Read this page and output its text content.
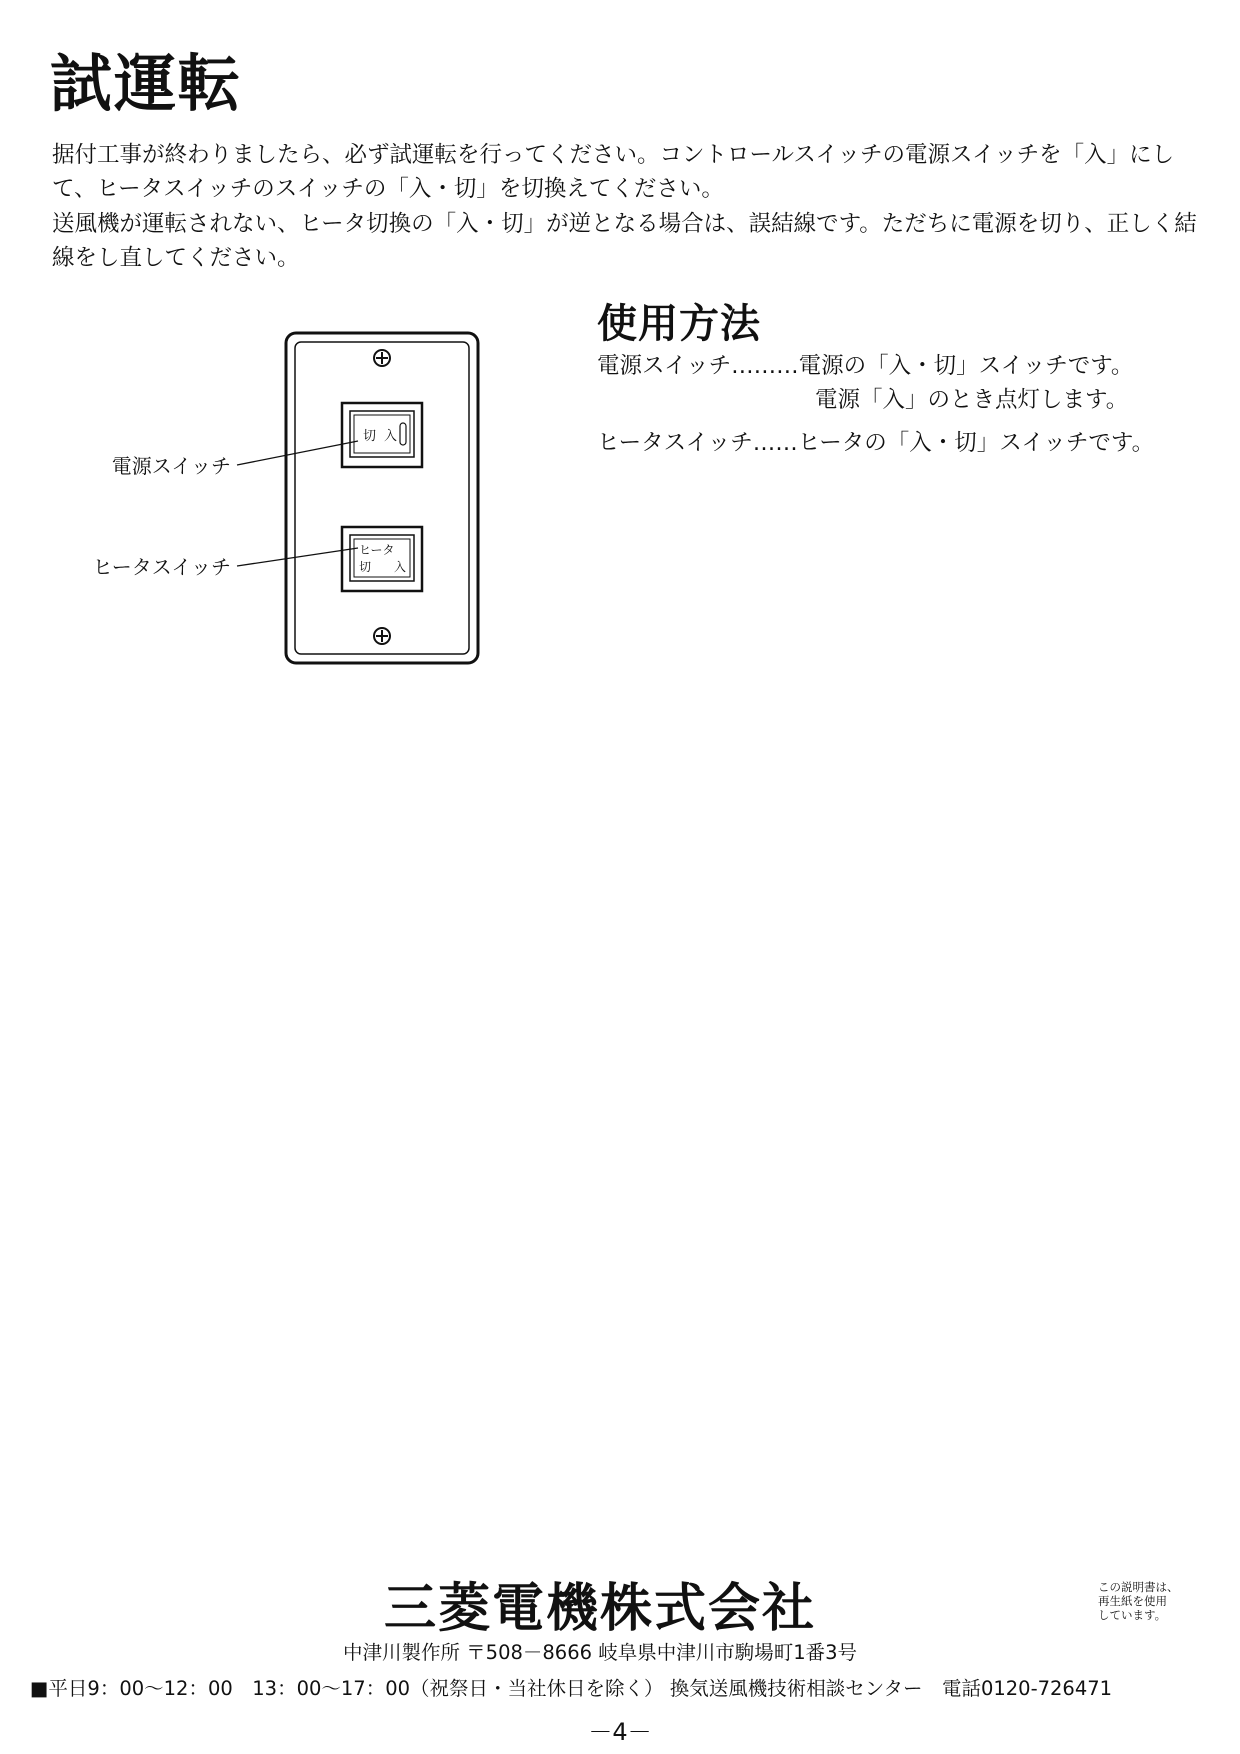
試運転

据付工事が終わりましたら、必ず試運転を行ってください。コントロールスイッチの電源スイッチを「入」にして、ヒータスイッチのスイッチの「入・切」を切換えてください。

送風機が運転されない、ヒータ切換の「入・切」が逆となる場合は、誤結線です。ただちに電源を切り、正しく結線をし直してください。

切 入
ヒータ
切 入
電源スイッチ
ヒータスイッチ
使用方法
電源スイッチ………電源の「入・切」スイッチです。
電源「入」のとき点灯します。
ヒータスイッチ……ヒータの「入・切」スイッチです。
三菱電機株式会社	この説明書は、
再生紙を使用
しています。
中津川製作所 〒508－8666 岐阜県中津川市駒場町1番3号
■平日9：00～12：00　13：00～17：00（祝祭日・当社休日を除く） 換気送風機技術相談センター　電話0120-726471
－4－
